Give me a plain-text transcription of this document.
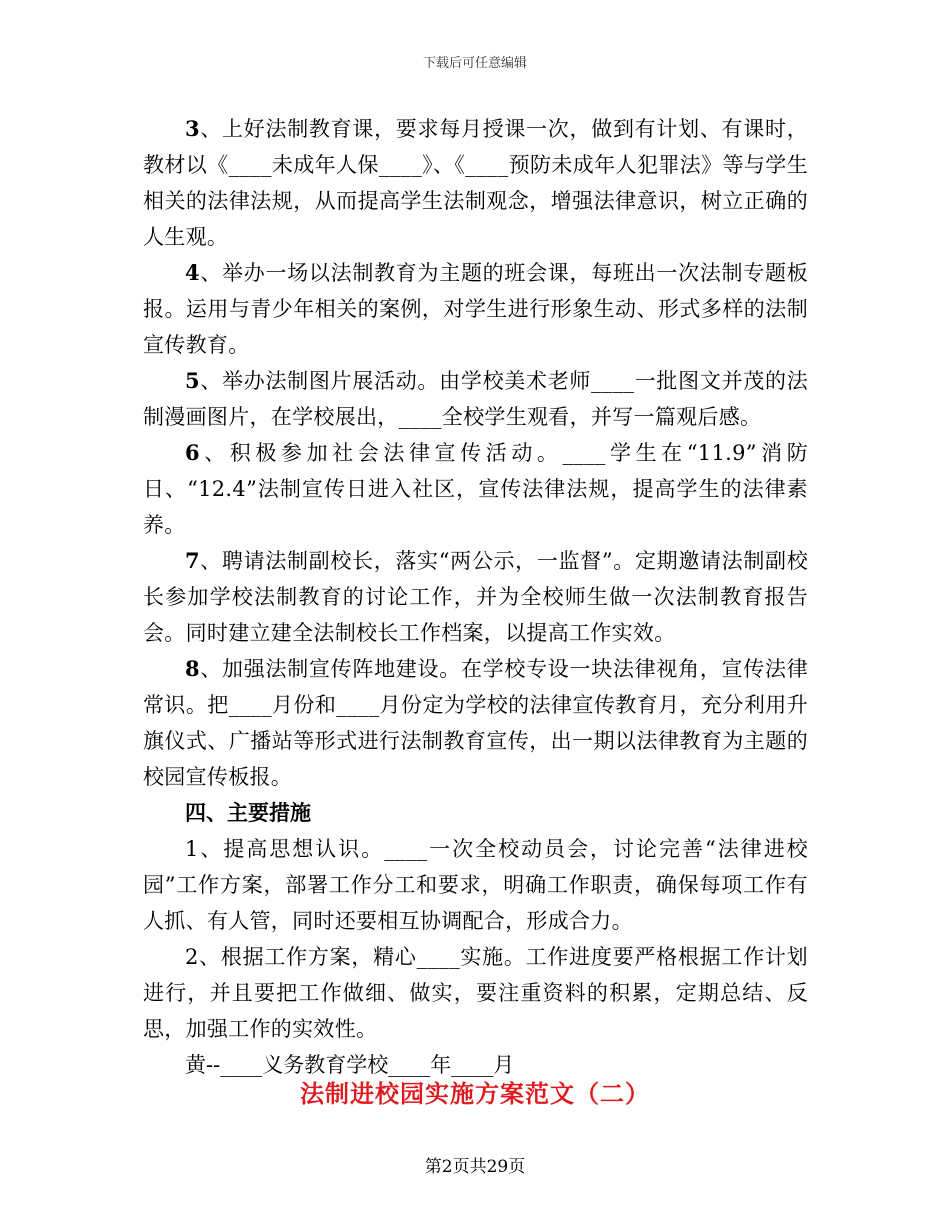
下载后可任意编辑

3、上好法制教育课，要求每月授课一次，做到有计划、有课时，教材以《____未成年人保____》、《____预防未成年人犯罪法》等与学生相关的法律法规，从而提高学生法制观念，增强法律意识，树立正确的人生观。

4、举办一场以法制教育为主题的班会课，每班出一次法制专题板报。运用与青少年相关的案例，对学生进行形象生动、形式多样的法制宣传教育。

5、举办法制图片展活动。由学校美术老师____一批图文并茂的法制漫画图片，在学校展出，____全校学生观看，并写一篇观后感。

6、积极参加社会法律宣传活动。____学生在“11.9”消防日、“12.4”法制宣传日进入社区，宣传法律法规，提高学生的法律素养。

7、聘请法制副校长，落实“两公示，一监督”。定期邀请法制副校长参加学校法制教育的讨论工作，并为全校师生做一次法制教育报告会。同时建立建全法制校长工作档案，以提高工作实效。

8、加强法制宣传阵地建设。在学校专设一块法律视角，宣传法律常识。把____月份和____月份定为学校的法律宣传教育月，充分利用升旗仪式、广播站等形式进行法制教育宣传，出一期以法律教育为主题的校园宣传板报。

四、主要措施

1、提高思想认识。____一次全校动员会，讨论完善“法律进校园”工作方案，部署工作分工和要求，明确工作职责，确保每项工作有人抓、有人管，同时还要相互协调配合，形成合力。

2、根据工作方案，精心____实施。工作进度要严格根据工作计划进行，并且要把工作做细、做实，要注重资料的积累，定期总结、反思，加强工作的实效性。

黄--____义务教育学校____年____月

法制进校园实施方案范文（二）
第2页共29页
